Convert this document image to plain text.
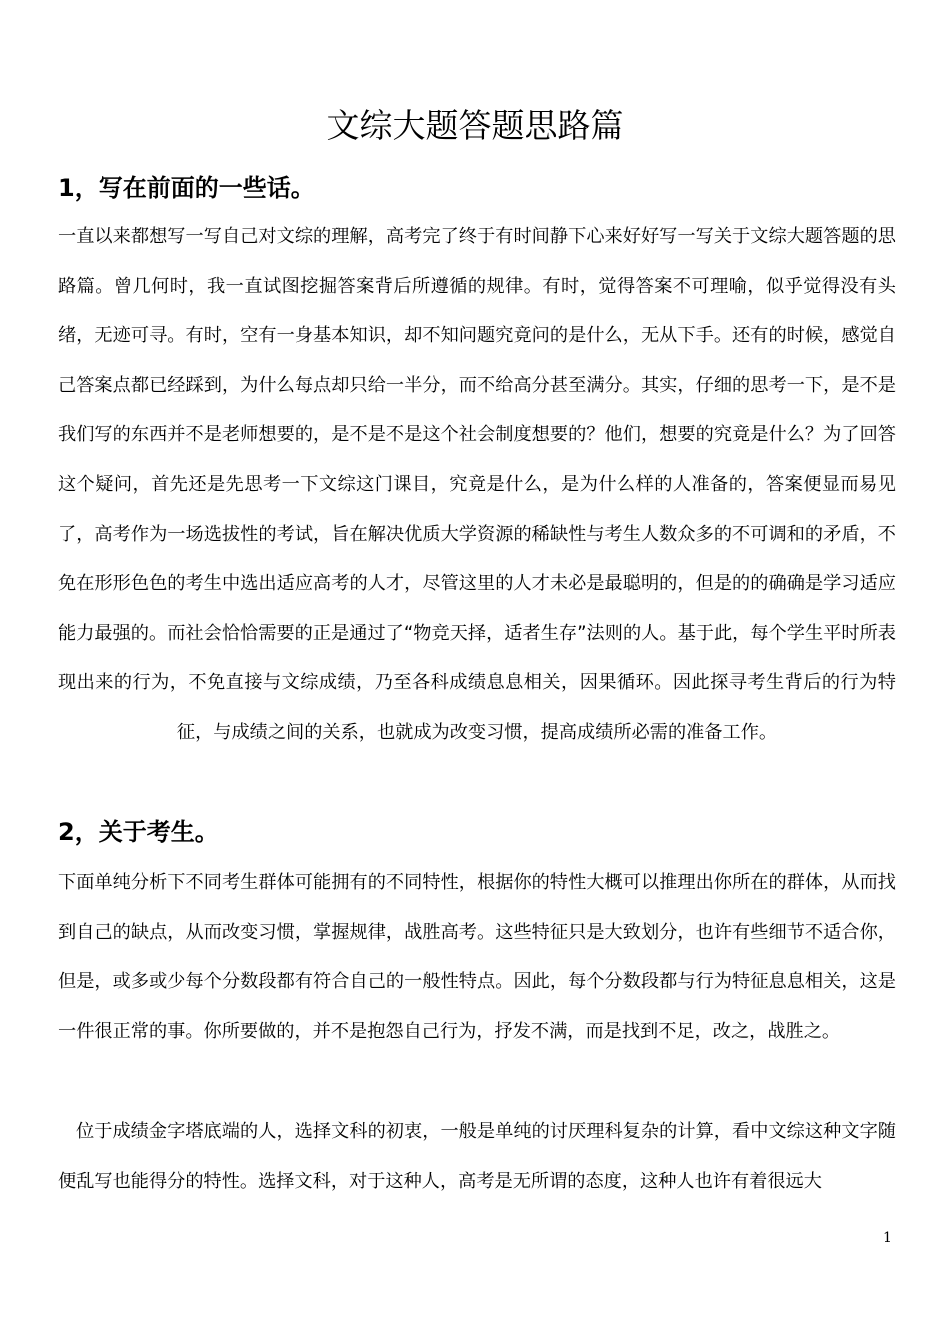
文综大题答题思路篇
1，写在前面的一些话。

一直以来都想写一写自己对文综的理解，高考完了终于有时间静下心来好好写一写关于文综大题答题的思路篇。曾几何时，我一直试图挖掘答案背后所遵循的规律。有时，觉得答案不可理喻，似乎觉得没有头绪，无迹可寻。有时，空有一身基本知识，却不知问题究竟问的是什么，无从下手。还有的时候，感觉自己答案点都已经踩到，为什么每点却只给一半分，而不给高分甚至满分。其实，仔细的思考一下，是不是我们写的东西并不是老师想要的，是不是不是这个社会制度想要的？他们，想要的究竟是什么？为了回答这个疑问，首先还是先思考一下文综这门课目，究竟是什么，是为什么样的人准备的，答案便显而易见了，高考作为一场选拔性的考试，旨在解决优质大学资源的稀缺性与考生人数众多的不可调和的矛盾，不免在形形色色的考生中选出适应高考的人才，尽管这里的人才未必是最聪明的，但是的的确确是学习适应能力最强的。而社会恰恰需要的正是通过了“物竞天择，适者生存”法则的人。基于此，每个学生平时所表现出来的行为，不免直接与文综成绩，乃至各科成绩息息相关，因果循环。因此探寻考生背后的行为特征，与成绩之间的关系，也就成为改变习惯，提高成绩所必需的准备工作。

2，关于考生。

下面单纯分析下不同考生群体可能拥有的不同特性，根据你的特性大概可以推理出你所在的群体，从而找到自己的缺点，从而改变习惯，掌握规律，战胜高考。这些特征只是大致划分，也许有些细节不适合你，但是，或多或少每个分数段都有符合自己的一般性特点。因此，每个分数段都与行为特征息息相关，这是一件很正常的事。你所要做的，并不是抱怨自己行为，抒发不满，而是找到不足，改之，战胜之。

位于成绩金字塔底端的人，选择文科的初衷，一般是单纯的讨厌理科复杂的计算，看中文综这种文字随便乱写也能得分的特性。选择文科，对于这种人，高考是无所谓的态度，这种人也许有着很远大

1
